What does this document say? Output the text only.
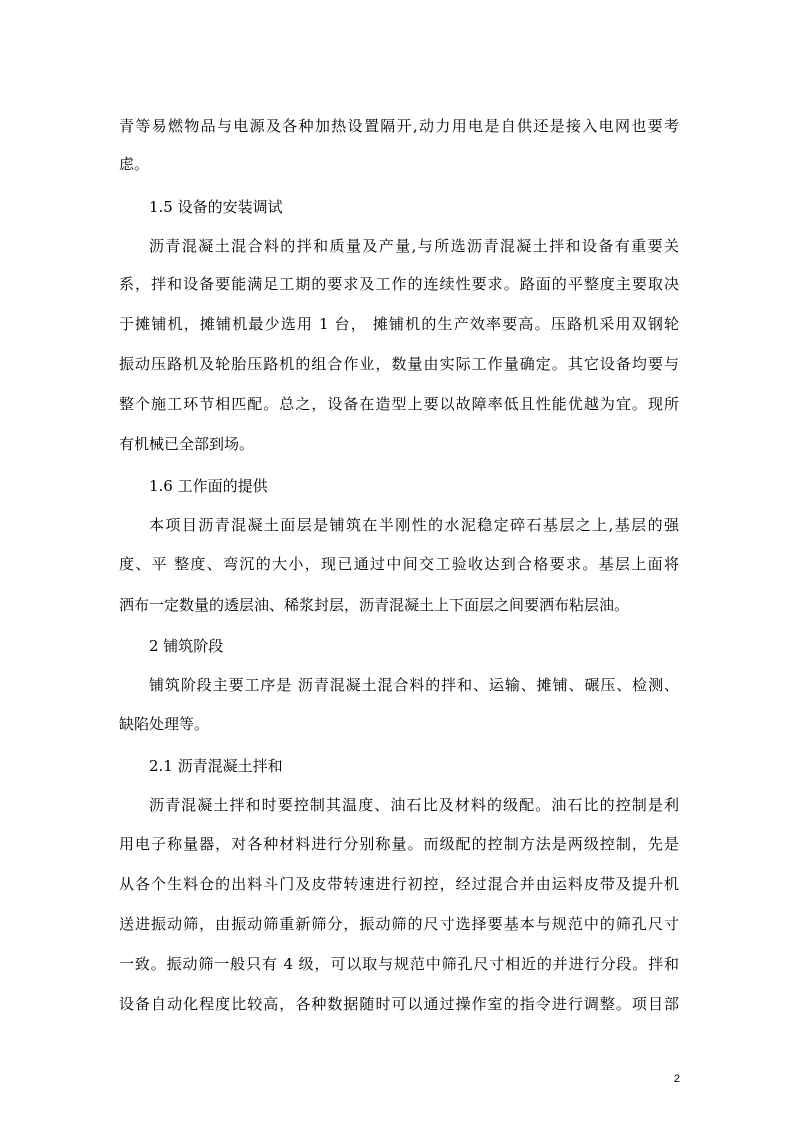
青等易燃物品与电源及各种加热设置隔开,动力用电是自供还是接入电网也要考
虑。
1.5 设备的安装调试
沥青混凝土混合料的拌和质量及产量,与所选沥青混凝土拌和设备有重要关
系，拌和设备要能满足工期的要求及工作的连续性要求。路面的平整度主要取决
于摊铺机，摊铺机最少选用 1 台， 摊铺机的生产效率要高。压路机采用双钢轮
振动压路机及轮胎压路机的组合作业，数量由实际工作量确定。其它设备均要与
整个施工环节相匹配。总之，设备在造型上要以故障率低且性能优越为宜。现所
有机械已全部到场。
1.6 工作面的提供
本项目沥青混凝土面层是铺筑在半刚性的水泥稳定碎石基层之上,基层的强
度、平 整度、弯沉的大小，现已通过中间交工验收达到合格要求。基层上面将
洒布一定数量的透层油、稀浆封层，沥青混凝土上下面层之间要洒布粘层油。
2 铺筑阶段
铺筑阶段主要工序是 沥青混凝土混合料的拌和、运输、摊铺、碾压、检测、
缺陷处理等。
2.1 沥青混凝土拌和
沥青混凝土拌和时要控制其温度、油石比及材料的级配。油石比的控制是利
用电子称量器，对各种材料进行分别称量。而级配的控制方法是两级控制，先是
从各个生料仓的出料斗门及皮带转速进行初控，经过混合并由运料皮带及提升机
送进振动筛，由振动筛重新筛分，振动筛的尺寸选择要基本与规范中的筛孔尺寸
一致。振动筛一般只有 4 级，可以取与规范中筛孔尺寸相近的并进行分段。拌和
设备自动化程度比较高，各种数据随时可以通过操作室的指令进行调整。项目部
2
